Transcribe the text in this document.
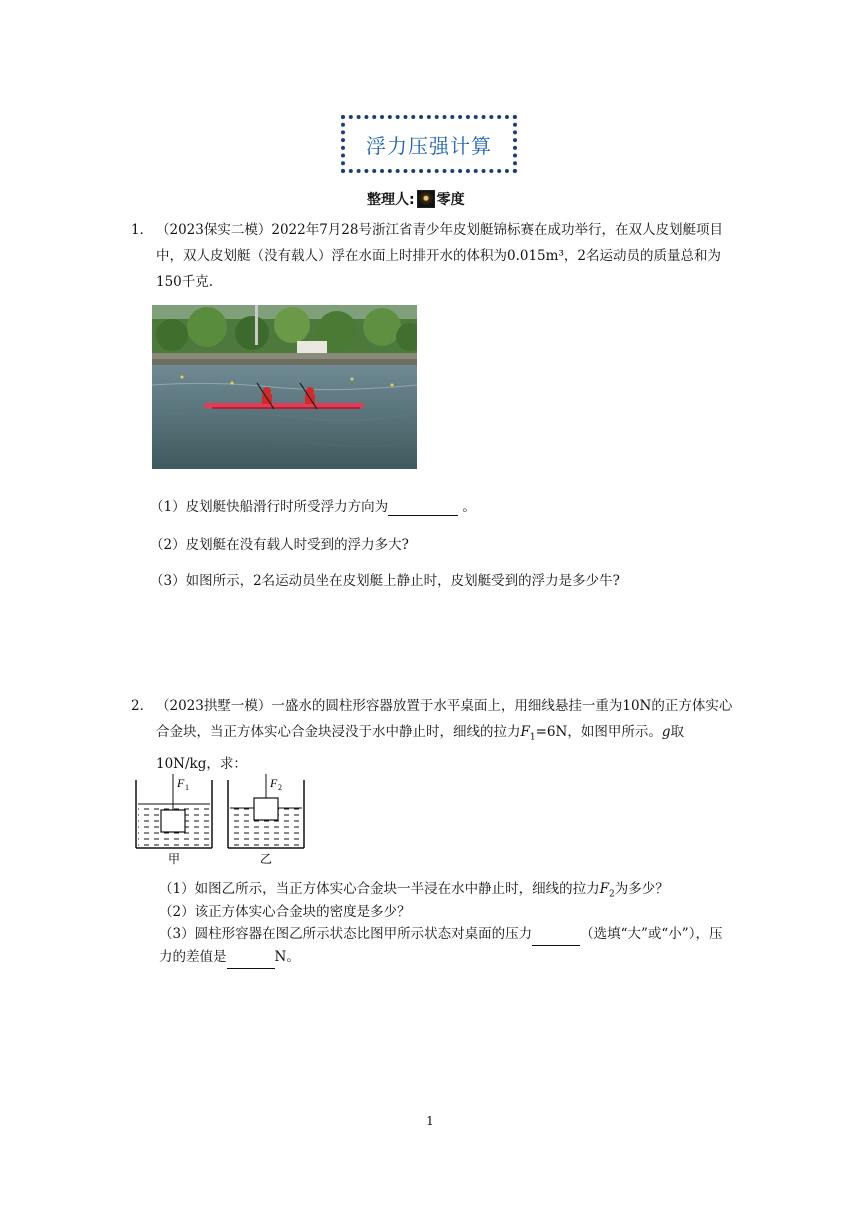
浮力压强计算
整理人: 零度
1． （2023保实二模）2022年7月28号浙江省青少年皮划艇锦标赛在成功举行，在双人皮划艇项目中，双人皮划艇（没有载人）浮在水面上时排开水的体积为0.015m³，2名运动员的质量总和为150千克.
（1）皮划艇快船滑行时所受浮力方向为	。
（2）皮划艇在没有载人时受到的浮力多大?
（3）如图所示，2名运动员坐在皮划艇上静止时，皮划艇受到的浮力是多少牛?
2． （2023拱墅一模）一盛水的圆柱形容器放置于水平桌面上，用细线悬挂一重为10N的正方体实心合金块，当正方体实心合金块浸没于水中静止时，细线的拉力$F_1=6N$，如图甲所示。g取10N/kg，求：
F 1	F 2
甲	乙
（1）如图乙所示，当正方体实心合金块一半浸在水中静止时，细线的拉力$F_2$为多少？
（2）该正方体实心合金块的密度是多少？
（3）圆柱形容器在图乙所示状态比图甲所示状态对桌面的压力	（选填“大”或“小”），压力的差值是	N。
1
